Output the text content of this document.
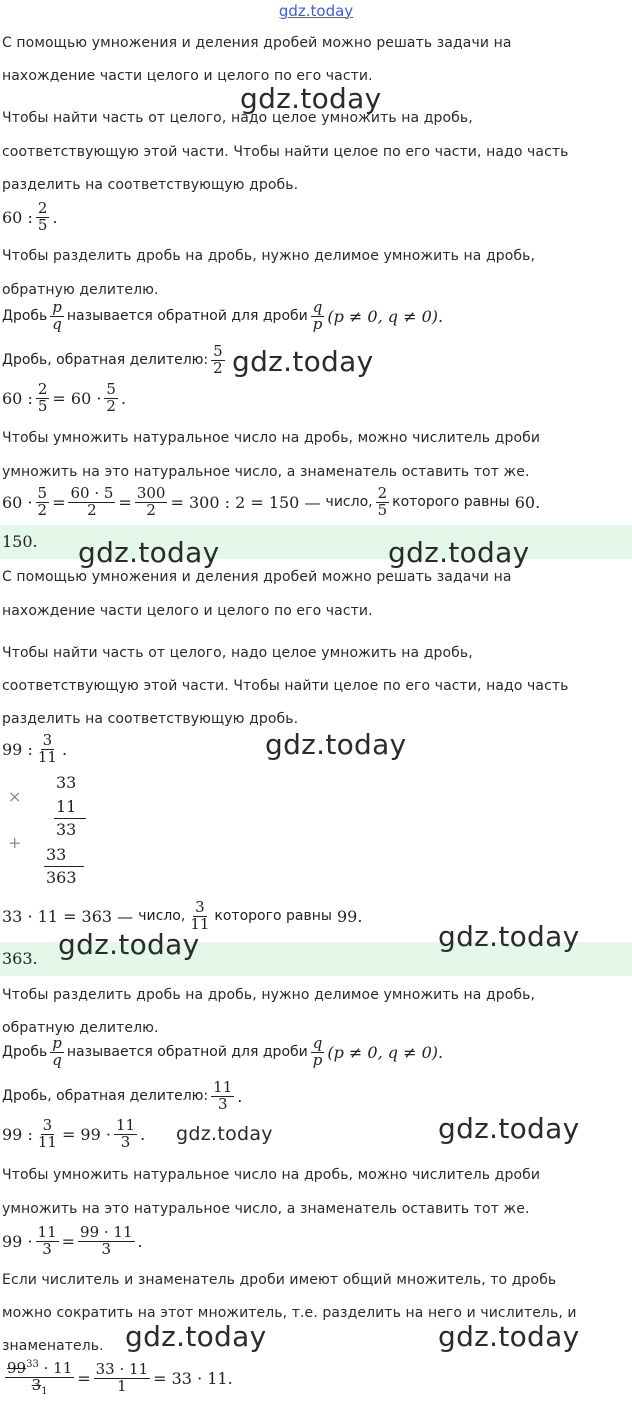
gdz.today
С помощью умножения и деления дробей можно решать задачи на
нахождение части целого и целого по его части.
Чтобы найти часть от целого, надо целое умножить на дробь,
соответствующую этой части. Чтобы найти целое по его части, надо часть
разделить на соответствующую дробь.
60
: $\frac{2}{5}$ .
Чтобы разделить дробь на дробь, нужно делимое умножить на дробь,
обратную делителю.
Дробь $\frac{p}{q}$ называется обратной для дроби $\frac{q}{p} (p \ne 0$, q ≠ 0).
Дробь, обратная делителю: $\frac{5}{2}$
60 : $\frac{2}{5} = 60 \cdot \frac{5}{2}$ .
Чтобы умножить натуральное число на дробь, можно числитель дроби
умножить на это натуральное число, а знаменатель оставить тот же.
$60 \cdot \frac{5}{2} = \frac{60 \cdot 5}{2} = \frac{300}{2} = 300$ : 2 = 150 —
число, $\frac{2}{5}$ которого равны
60.
150.
С помощью умножения и деления дробей можно решать задачи на
нахождение части целого и целого по его части.
Чтобы найти часть от целого, надо целое умножить на дробь,
соответствующую этой части. Чтобы найти целое по его части, надо часть
разделить на соответствующую дробь.
99
: $\frac{3}{11}$ .
33
×
11
33
+
33
363
33 · 11 = 363 —
число, $\frac{3}{11}$ которого равны
99.
363.
Чтобы разделить дробь на дробь, нужно делимое умножить на дробь,
обратную делителю.
Дробь $\frac{p}{q}$ называется обратной для дроби $\frac{q}{p} (p \ne 0$, q ≠ 0).
Дробь, обратная делителю: $\frac{11}{3}$ .
99 : $\frac{3}{11} = 99 \cdot \frac{11}{3}$ .
Чтобы умножить натуральное число на дробь, можно числитель дроби
умножить на это натуральное число, а знаменатель оставить тот же.
$99 \cdot \frac{11}{3} = \frac{99 \cdot 11}{3}$ .
Если числитель и знаменатель дроби имеют общий множитель, то дробь
можно сократить на этот множитель, т.е. разделить на него и числитель, и
знаменатель.
$\frac{99^{33} \cdot 11}{3_1} = \frac{33 \cdot 11}{1} = 33 \cdot 11$.
gdz.today
gdz.today
gdz.today	gdz.today
gdz.today
gdz.today	gdz.today
gdz.today	gdz.today
gdz.today	gdz.today
